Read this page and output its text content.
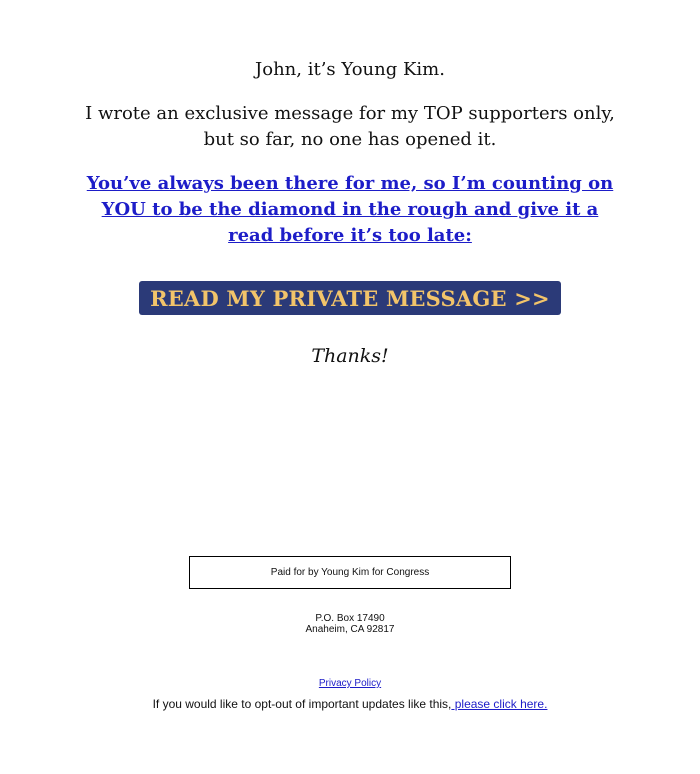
John, it’s Young Kim.
I wrote an exclusive message for my TOP supporters only, but so far, no one has opened it.
You’ve always been there for me, so I’m counting on YOU to be the diamond in the rough and give it a read before it’s too late:
READ MY PRIVATE MESSAGE >>
Thanks!
Paid for by Young Kim for Congress
P.O. Box 17490
Anaheim, CA 92817
Privacy Policy
If you would like to opt-out of important updates like this, please click here.
